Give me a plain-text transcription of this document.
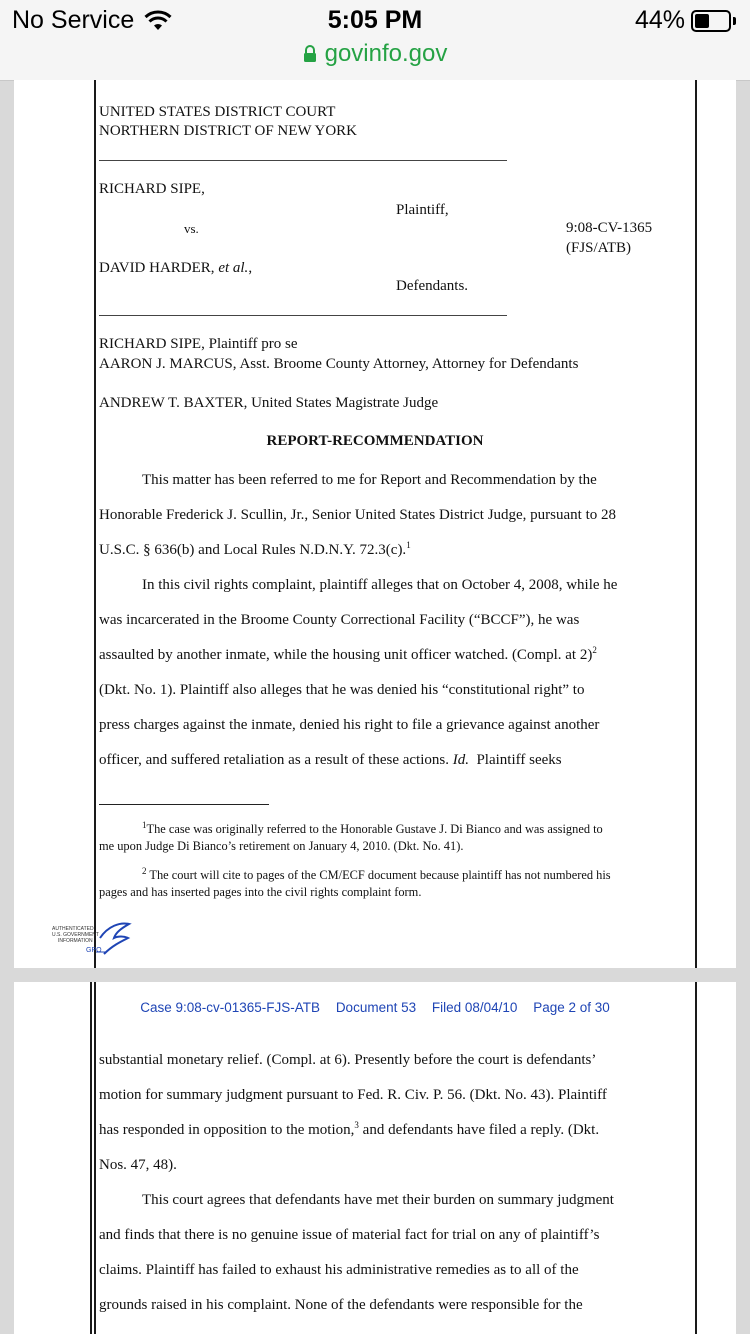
No Service	5:05 PM	44%
govinfo.gov
UNITED STATES DISTRICT COURT
NORTHERN DISTRICT OF NEW YORK
RICHARD SIPE,
Plaintiff,
vs.	9:08-CV-1365
(FJS/ATB)
DAVID HARDER, et al.,
Defendants.
RICHARD SIPE, Plaintiff pro se
AARON J. MARCUS, Asst. Broome County Attorney, Attorney for Defendants
ANDREW T. BAXTER, United States Magistrate Judge
REPORT-RECOMMENDATION
This matter has been referred to me for Report and Recommendation by the
Honorable Frederick J. Scullin, Jr., Senior United States District Judge, pursuant to 28
U.S.C. § 636(b) and Local Rules N.D.N.Y. 72.3(c).$^1$
In this civil rights complaint, plaintiff alleges that on October 4, 2008, while he
was incarcerated in the Broome County Correctional Facility (“BCCF”), he was
assaulted by another inmate, while the housing unit officer watched. (Compl. at 2)$^2$
(Dkt. No. 1). Plaintiff also alleges that he was denied his “constitutional right” to
press charges against the inmate, denied his right to file a grievance against another
officer, and suffered retaliation as a result of these actions. Id. Plaintiff seeks
$^1$The case was originally referred to the Honorable Gustave J. Di Bianco and was assigned to
me upon Judge Di Bianco’s retirement on January 4, 2010. (Dkt. No. 41).
$^2$ The court will cite to pages of the CM/ECF document because plaintiff has not numbered his
pages and has inserted pages into the civil rights complaint form.
AUTHENTICATED
U.S. GOVERNMENT
INFORMATION
GPO
Case 9:08-cv-01365-FJS-ATB Document 53 Filed 08/04/10 Page 2 of 30
substantial monetary relief. (Compl. at 6). Presently before the court is defendants’
motion for summary judgment pursuant to Fed. R. Civ. P. 56. (Dkt. No. 43). Plaintiff
has responded in opposition to the motion,$^3$ and defendants have filed a reply. (Dkt.
Nos. 47, 48).
This court agrees that defendants have met their burden on summary judgment
and finds that there is no genuine issue of material fact for trial on any of plaintiff’s
claims. Plaintiff has failed to exhaust his administrative remedies as to all of the
grounds raised in his complaint. None of the defendants were responsible for the
